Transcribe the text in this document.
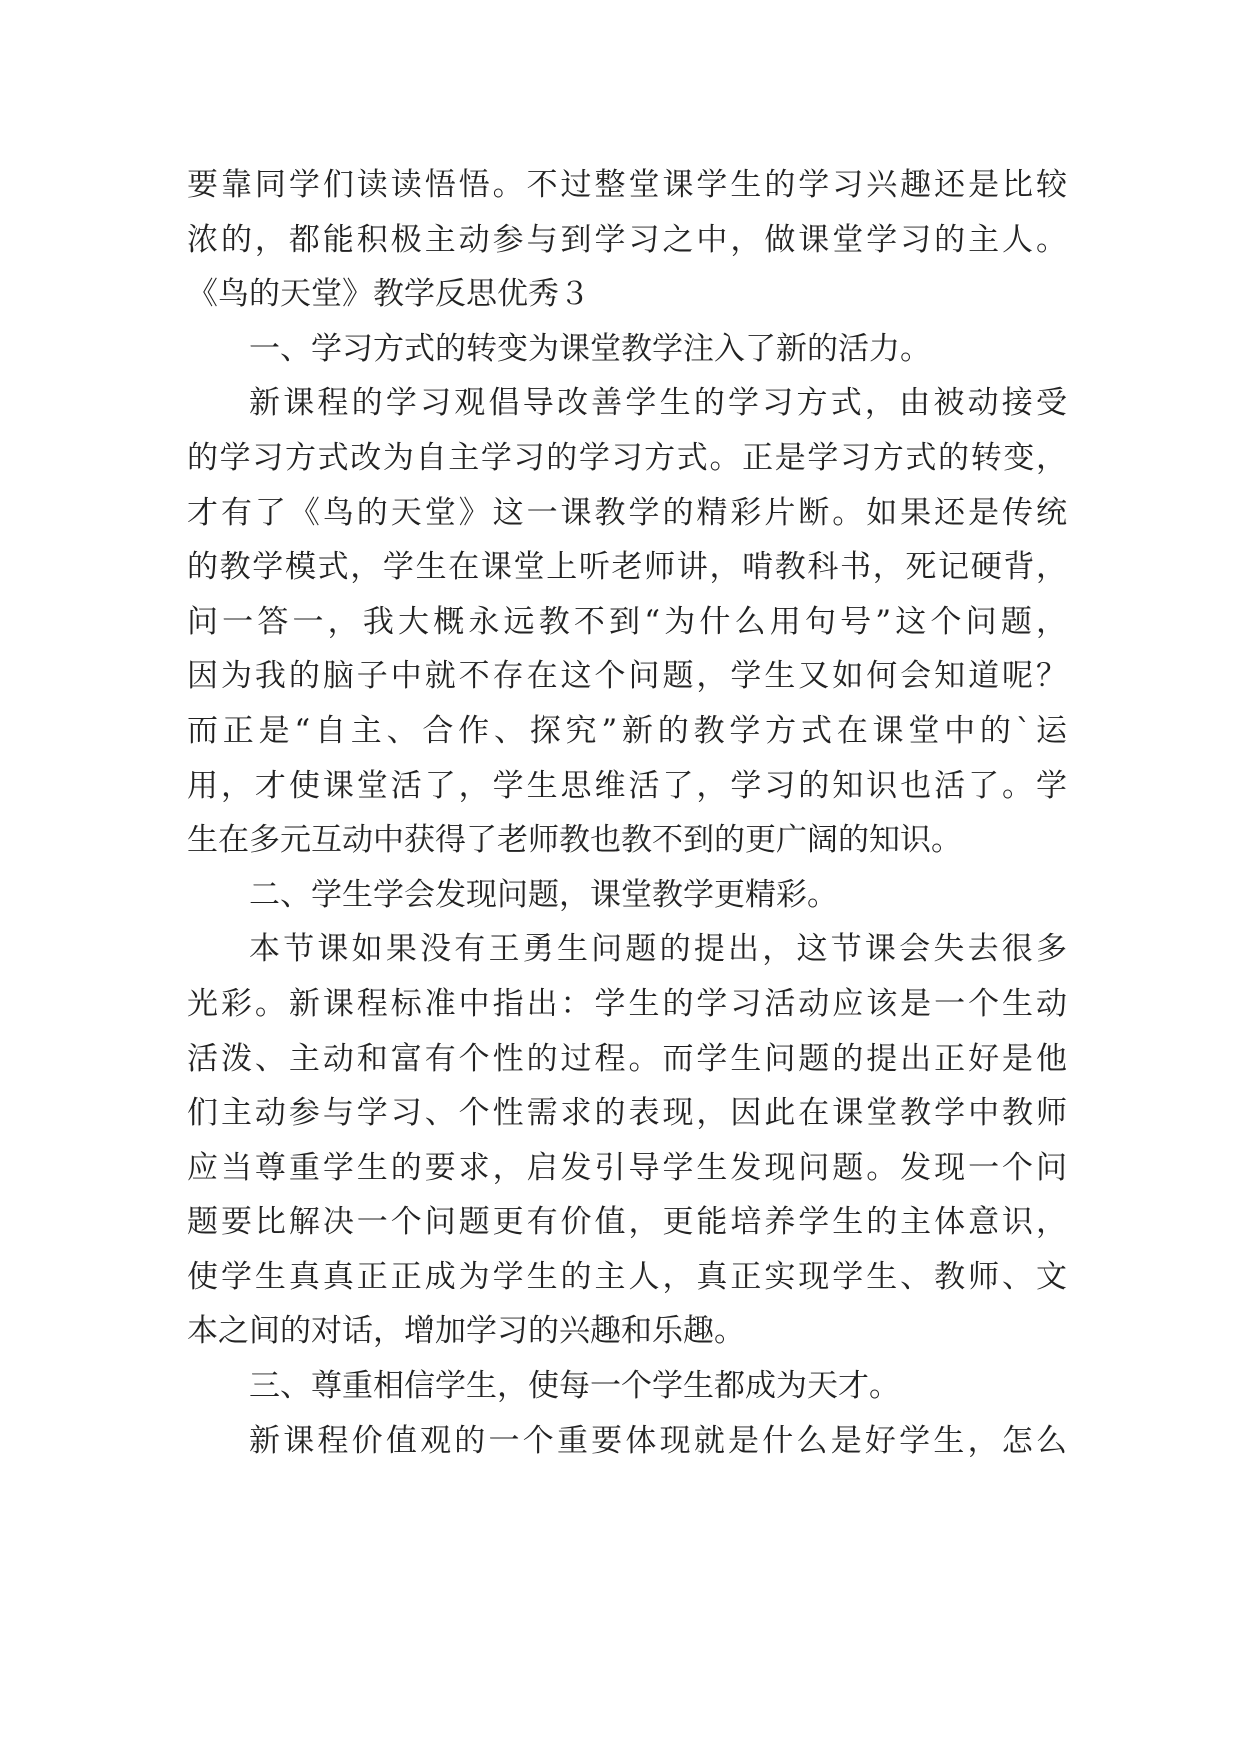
要靠同学们读读悟悟。不过整堂课学生的学习兴趣还是比较
浓的，都能积极主动参与到学习之中，做课堂学习的主人。
《鸟的天堂》教学反思优秀３
一、学习方式的转变为课堂教学注入了新的活力。
新课程的学习观倡导改善学生的学习方式，由被动接受
的学习方式改为自主学习的学习方式。正是学习方式的转变，
才有了《鸟的天堂》这一课教学的精彩片断。如果还是传统
的教学模式，学生在课堂上听老师讲，啃教科书，死记硬背，
问一答一，我大概永远教不到“为什么用句号”这个问题，
因为我的脑子中就不存在这个问题，学生又如何会知道呢？
而正是“自主、合作、探究”新的教学方式在课堂中的`运
用，才使课堂活了，学生思维活了，学习的知识也活了。学
生在多元互动中获得了老师教也教不到的更广阔的知识。
二、学生学会发现问题，课堂教学更精彩。
本节课如果没有王勇生问题的提出，这节课会失去很多
光彩。新课程标准中指出：学生的学习活动应该是一个生动
活泼、主动和富有个性的过程。而学生问题的提出正好是他
们主动参与学习、个性需求的表现，因此在课堂教学中教师
应当尊重学生的要求，启发引导学生发现问题。发现一个问
题要比解决一个问题更有价值，更能培养学生的主体意识，
使学生真真正正成为学生的主人，真正实现学生、教师、文
本之间的对话，增加学习的兴趣和乐趣。
三、尊重相信学生，使每一个学生都成为天才。
新课程价值观的一个重要体现就是什么是好学生，怎么
